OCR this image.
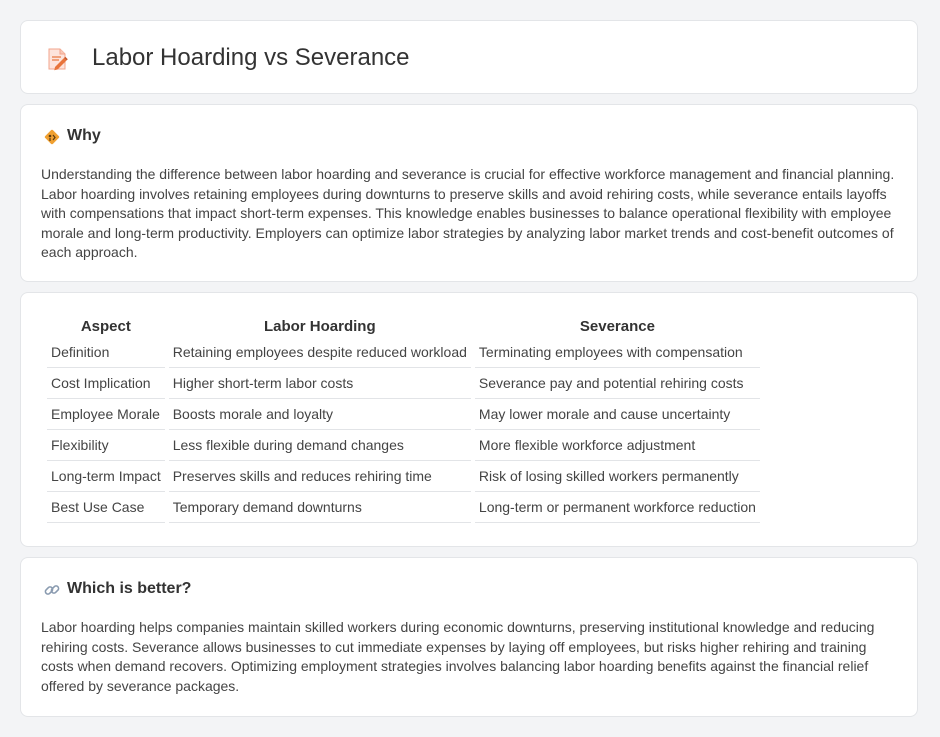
Labor Hoarding vs Severance
Why

Understanding the difference between labor hoarding and severance is crucial for effective workforce management and financial planning. Labor hoarding involves retaining employees during downturns to preserve skills and avoid rehiring costs, while severance entails layoffs with compensations that impact short-term expenses. This knowledge enables businesses to balance operational flexibility with employee morale and long-term productivity. Employers can optimize labor strategies by analyzing labor market trends and cost-benefit outcomes of each approach.

Aspect	Labor Hoarding	Severance
Definition	Retaining employees despite reduced workload	Terminating employees with compensation
Cost Implication	Higher short-term labor costs	Severance pay and potential rehiring costs
Employee Morale	Boosts morale and loyalty	May lower morale and cause uncertainty
Flexibility	Less flexible during demand changes	More flexible workforce adjustment
Long-term Impact	Preserves skills and reduces rehiring time	Risk of losing skilled workers permanently
Best Use Case	Temporary demand downturns	Long-term or permanent workforce reduction
Which is better?

Labor hoarding helps companies maintain skilled workers during economic downturns, preserving institutional knowledge and reducing rehiring costs. Severance allows businesses to cut immediate expenses by laying off employees, but risks higher rehiring and training costs when demand recovers. Optimizing employment strategies involves balancing labor hoarding benefits against the financial relief offered by severance packages.
